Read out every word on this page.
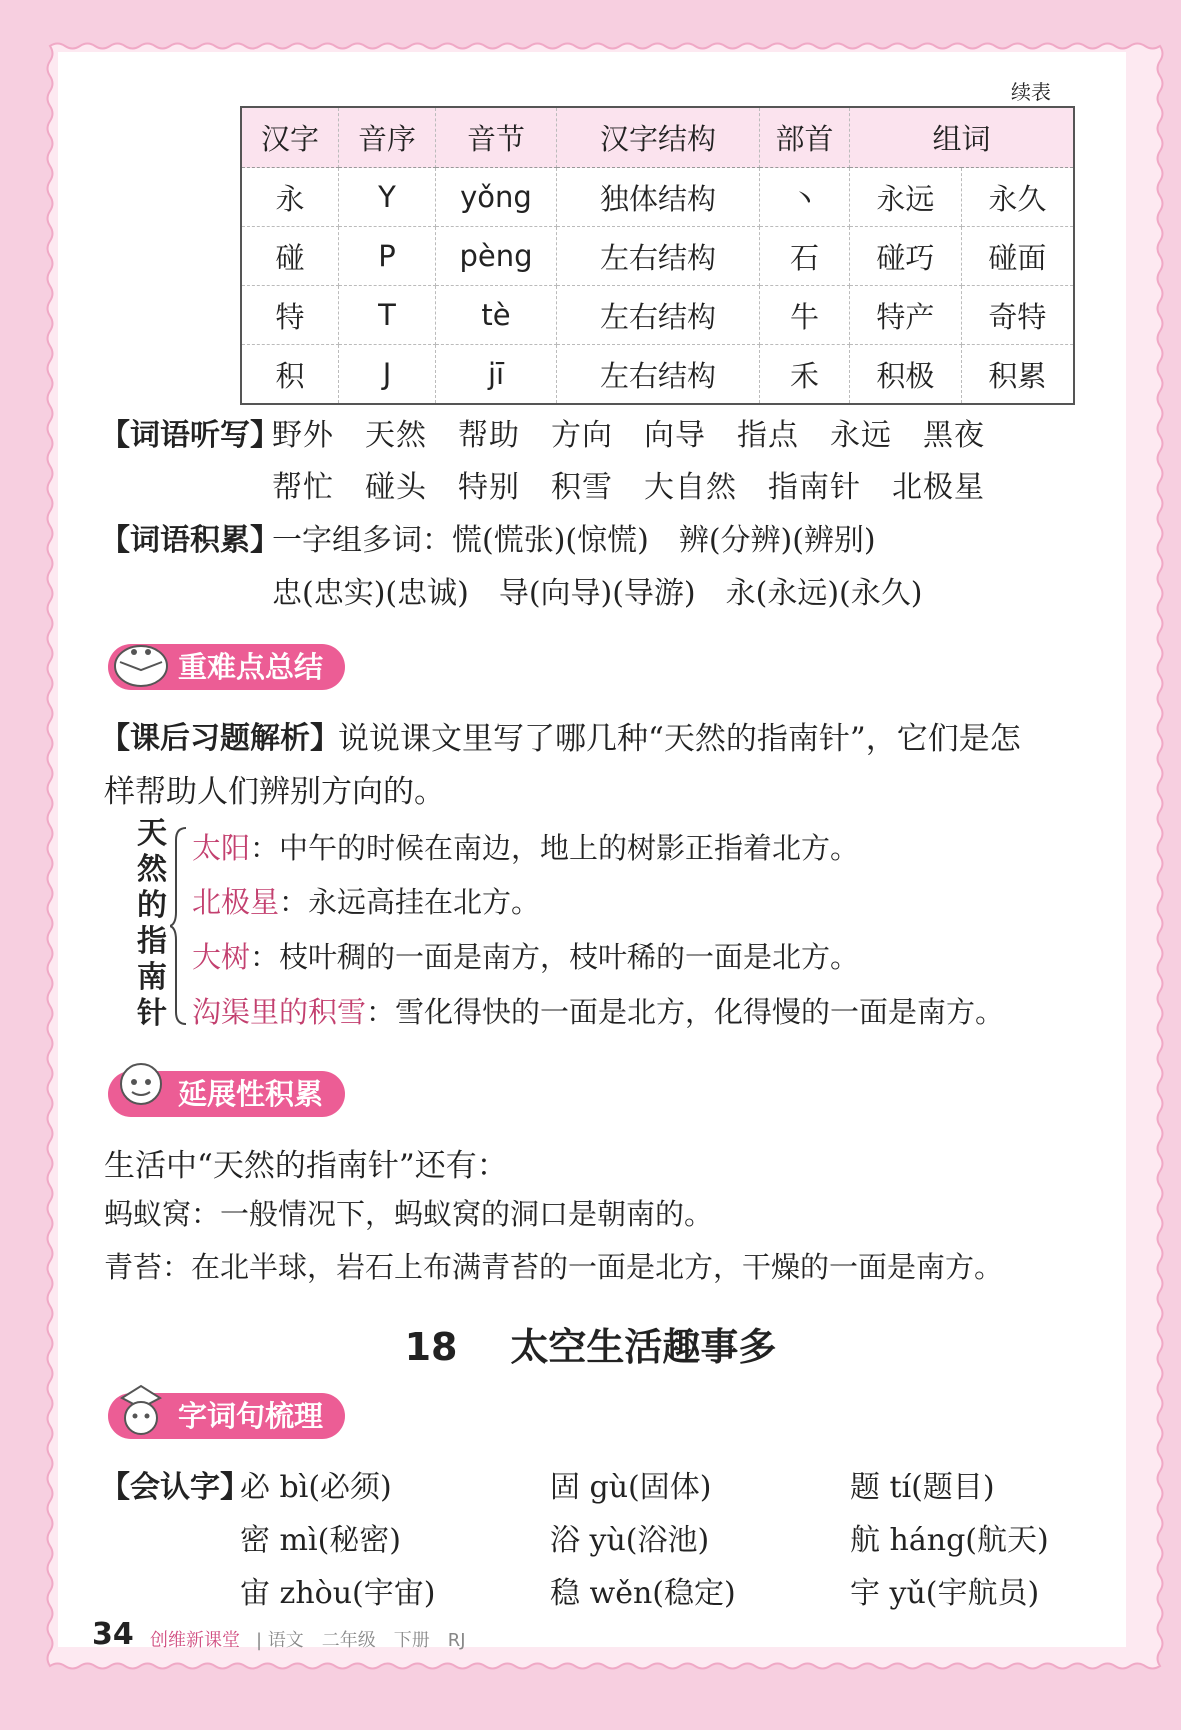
续表
汉字	音序	音节	汉字结构	部首	组词	
永	Y	yǒng	独体结构	丶	永远	永久
碰	P	pèng	左右结构	石	碰巧	碰面
特	T	tè	左右结构	牛	特产	奇特
积	J	jī	左右结构	禾	积极	积累
【词语听写】
野外　天然　帮助　方向　向导　指点　永远　黑夜
帮忙　碰头　特别　积雪　大自然　指南针　北极星
【词语积累】
一字组多词：慌(慌张)(惊慌)　辨(分辨)(辨别)
忠(忠实)(忠诚)　导(向导)(导游)　永(永远)(永久)
重难点总结
【课后习题解析】
说说课文里写了哪几种“天然的指南针”，它们是怎
样帮助人们辨别方向的。
天然的指南针
太阳：中午的时候在南边，地上的树影正指着北方。
北极星：永远高挂在北方。
大树：枝叶稠的一面是南方，枝叶稀的一面是北方。
沟渠里的积雪：雪化得快的一面是北方，化得慢的一面是南方。
延展性积累
生活中“天然的指南针”还有：
蚂蚁窝：一般情况下，蚂蚁窝的洞口是朝南的。
青苔：在北半球，岩石上布满青苔的一面是北方，干燥的一面是南方。
18 太空生活趣事多
字词句梳理
【会认字】
必 bì(必须)	固 gù(固体)	题 tí(题目)
密 mì(秘密)	浴 yù(浴池)	航 háng(航天)
宙 zhòu(宇宙)	稳 wěn(稳定)	宇 yǔ(宇航员)
34 创维新课堂 | 语文　二年级　下册　RJ
